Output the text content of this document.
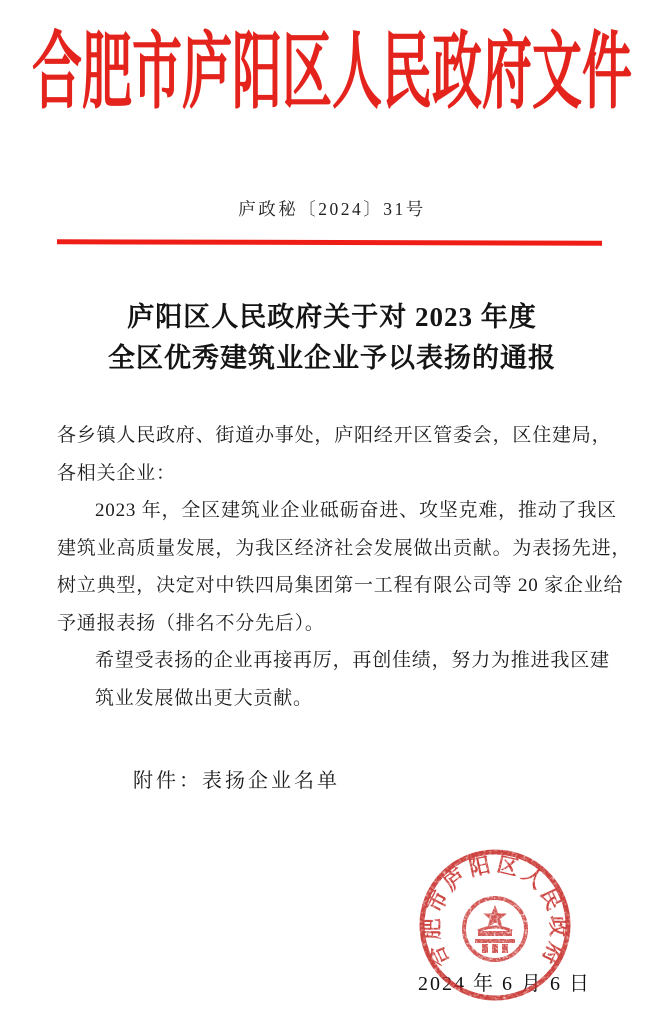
合肥市庐阳区人民政府文件
庐政秘〔2024〕31号
庐阳区人民政府关于对 2023 年度
全区优秀建筑业企业予以表扬的通报
各乡镇人民政府、街道办事处，庐阳经开区管委会，区住建局，
各相关企业：
2023 年，全区建筑业企业砥砺奋进、攻坚克难，推动了我区
建筑业高质量发展，为我区经济社会发展做出贡献。为表扬先进，
树立典型，决定对中铁四局集团第一工程有限公司等 20 家企业给
予通报表扬（排名不分先后）。
希望受表扬的企业再接再厉，再创佳绩，努力为推进我区建
筑业发展做出更大贡献。
附件：表扬企业名单
2024 年 6 月 6 日
合肥市庐阳区人民政府
